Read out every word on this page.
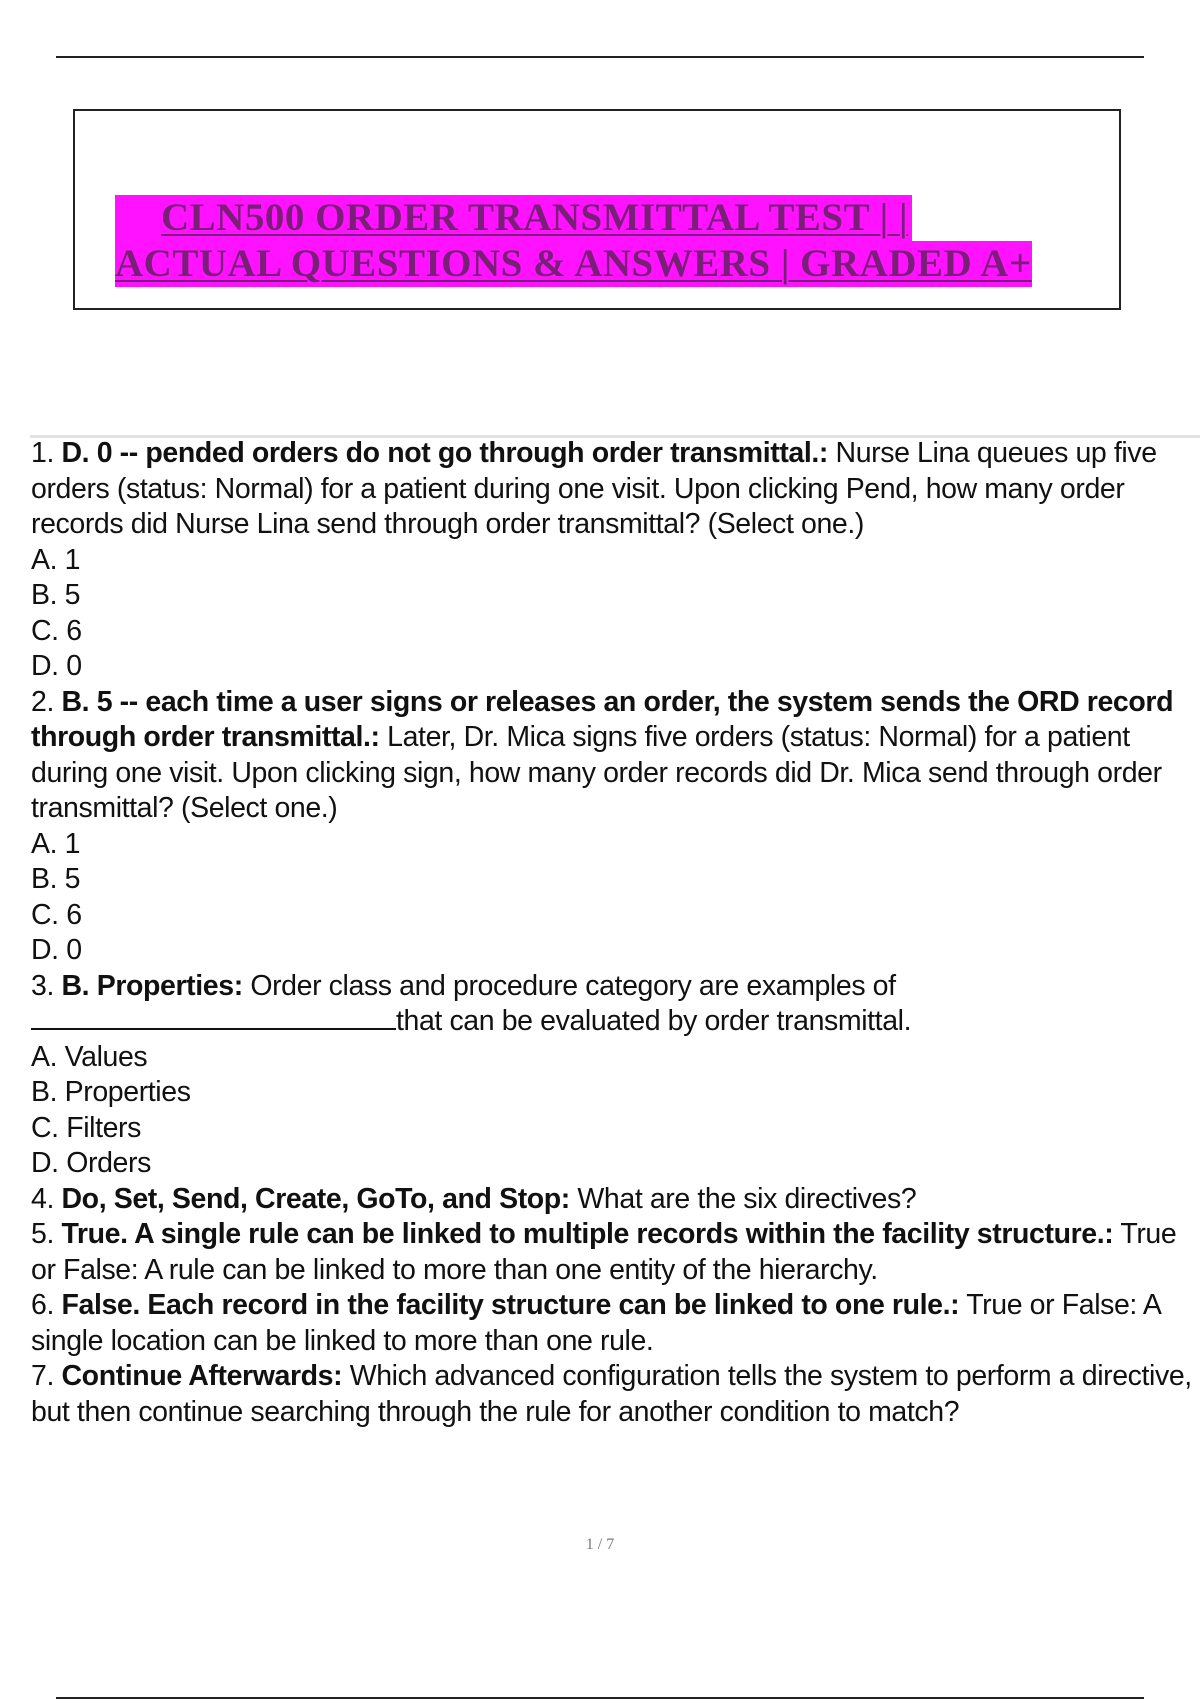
CLN500 ORDER TRANSMITTAL TEST | |
ACTUAL QUESTIONS & ANSWERS | GRADED A+

1. D. 0 -- pended orders do not go through order transmittal.: Nurse Lina queues up five orders (status: Normal) for a patient during one visit. Upon clicking Pend, how many order records did Nurse Lina send through order transmittal? (Select one.)

A. 1

B. 5

C. 6

D. 0

2. B. 5 -- each time a user signs or releases an order, the system sends the ORD record through order transmittal.: Later, Dr. Mica signs five orders (status: Normal) for a patient during one visit. Upon clicking sign, how many order records did Dr. Mica send through order transmittal? (Select one.)

A. 1

B. 5

C. 6

D. 0

3. B. Properties: Order class and procedure category are examples of
that can be evaluated by order transmittal.

A. Values

B. Properties

C. Filters

D. Orders

4. Do, Set, Send, Create, GoTo, and Stop: What are the six directives?

5. True. A single rule can be linked to multiple records within the facility structure.: True or False: A rule can be linked to more than one entity of the hierarchy.

6. False. Each record in the facility structure can be linked to one rule.: True or False: A single location can be linked to more than one rule.

7. Continue Afterwards: Which advanced configuration tells the system to perform a directive, but then continue searching through the rule for another condition to match?

1 / 7
